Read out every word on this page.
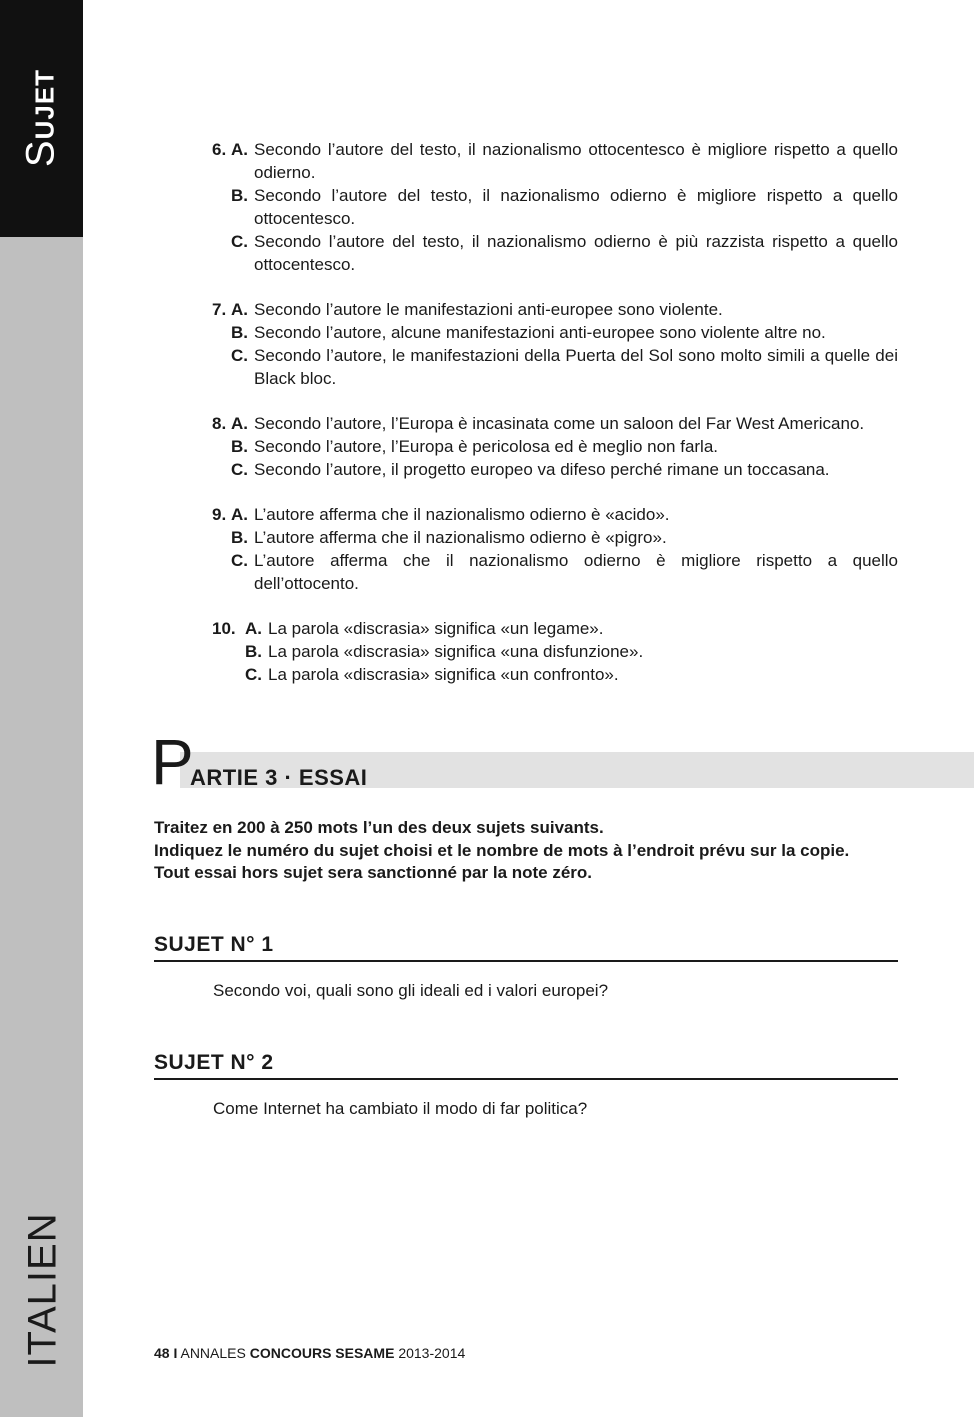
SUJET
ITALIEN
6. A. Secondo l’autore del testo, il nazionalismo ottocentesco è migliore rispetto a quello odierno.
B. Secondo l’autore del testo, il nazionalismo odierno è migliore rispetto a quello ottocentesco.
C. Secondo l’autore del testo, il nazionalismo odierno è più razzista rispetto a quello ottocentesco.
7. A. Secondo l’autore le manifestazioni anti-europee sono violente.
B. Secondo l’autore, alcune manifestazioni anti-europee sono violente altre no.
C. Secondo l’autore, le manifestazioni della Puerta del Sol sono molto simili a quelle dei Black bloc.
8. A. Secondo l’autore, l’Europa è incasinata come un saloon del Far West Americano.
B. Secondo l’autore, l’Europa è pericolosa ed è meglio non farla.
C. Secondo l’autore, il progetto europeo va difeso perché rimane un toccasana.
9. A. L’autore afferma che il nazionalismo odierno è «acido».
B. L’autore afferma che il nazionalismo odierno è «pigro».
C. L’autore afferma che il nazionalismo odierno è migliore rispetto a quello dell’ottocento.
10. A. La parola «discrasia» significa «un legame».
B. La parola «discrasia» significa «una disfunzione».
C. La parola «discrasia» significa «un confronto».
P
ARTIE 3 · ESSAI
Traitez en 200 à 250 mots l’un des deux sujets suivants.
Indiquez le numéro du sujet choisi et le nombre de mots à l’endroit prévu sur la copie.
Tout essai hors sujet sera sanctionné par la note zéro.
SUJET N° 1
Secondo voi, quali sono gli ideali ed i valori europei?
SUJET N° 2
Come Internet ha cambiato il modo di far politica?
48 I ANNALES CONCOURS SESAME 2013-2014
